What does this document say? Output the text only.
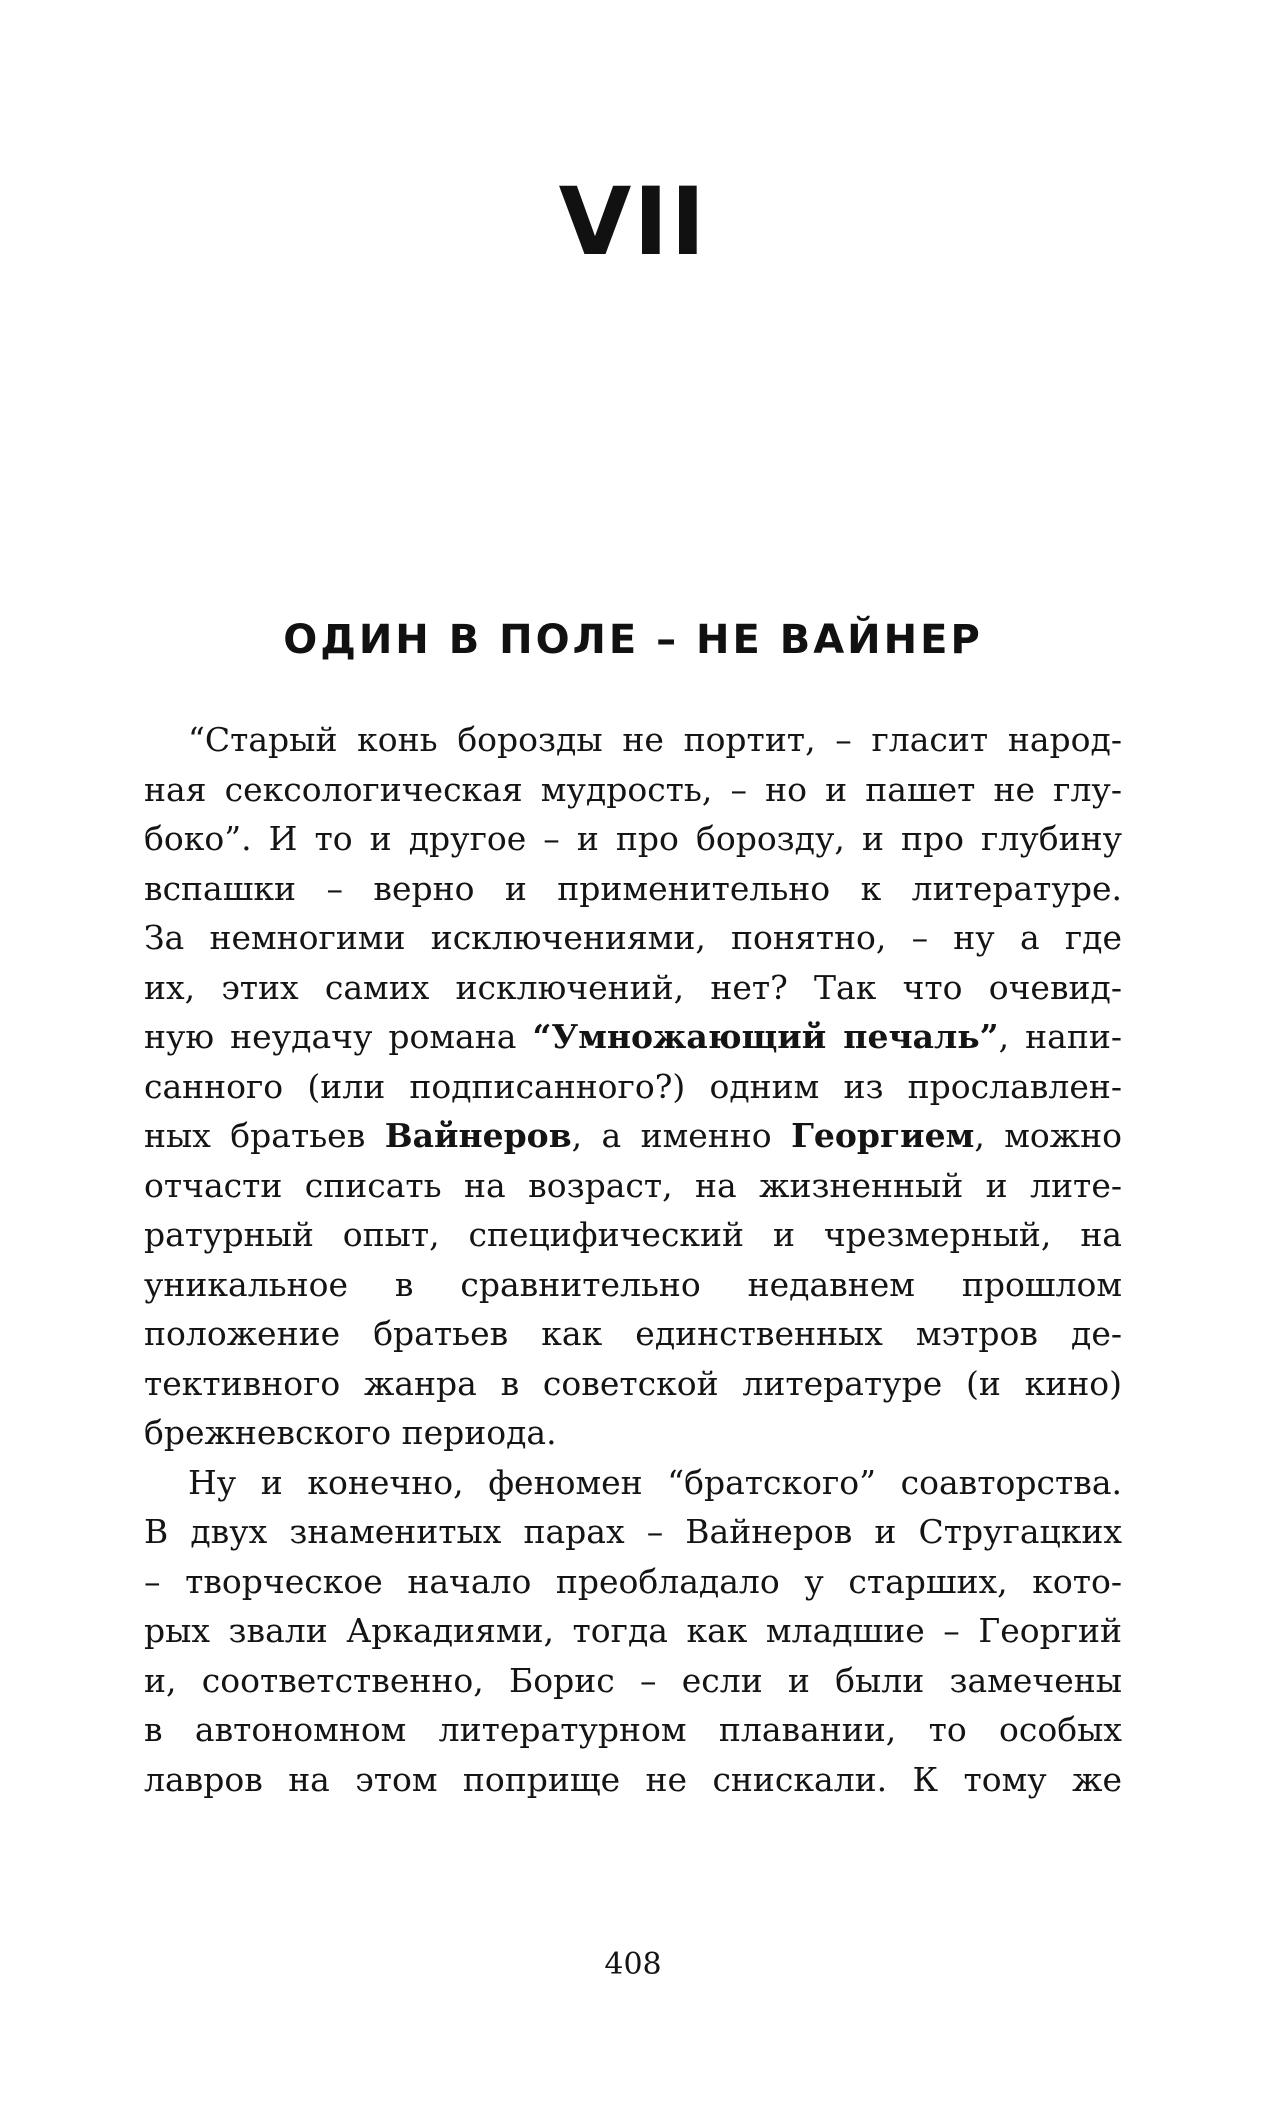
VII
ОДИН В ПОЛЕ – НЕ ВАЙНЕР
“Старый конь борозды не портит, – гласит народ-
ная сексологическая мудрость, – но и пашет не глу-
боко”. И то и другое – и про борозду, и про глубину
вспашки – верно и применительно к литературе.
За немногими исключениями, понятно, – ну а где
их, этих самих исключений, нет? Так что очевид-
ную неудачу романа “Умножающий печаль”, напи-
санного (или подписанного?) одним из прославлен-
ных братьев Вайнеров, а именно Георгием, можно
отчасти списать на возраст, на жизненный и лите-
ратурный опыт, специфический и чрезмерный, на
уникальное в сравнительно недавнем прошлом
положение братьев как единственных мэтров де-
тективного жанра в советской литературе (и кино)
брежневского периода.
Ну и конечно, феномен “братского” соавторства.
В двух знаменитых парах – Вайнеров и Стругацких
– творческое начало преобладало у старших, кото-
рых звали Аркадиями, тогда как младшие – Георгий
и, соответственно, Борис – если и были замечены
в автономном литературном плавании, то особых
лавров на этом поприще не снискали. К тому же
408
